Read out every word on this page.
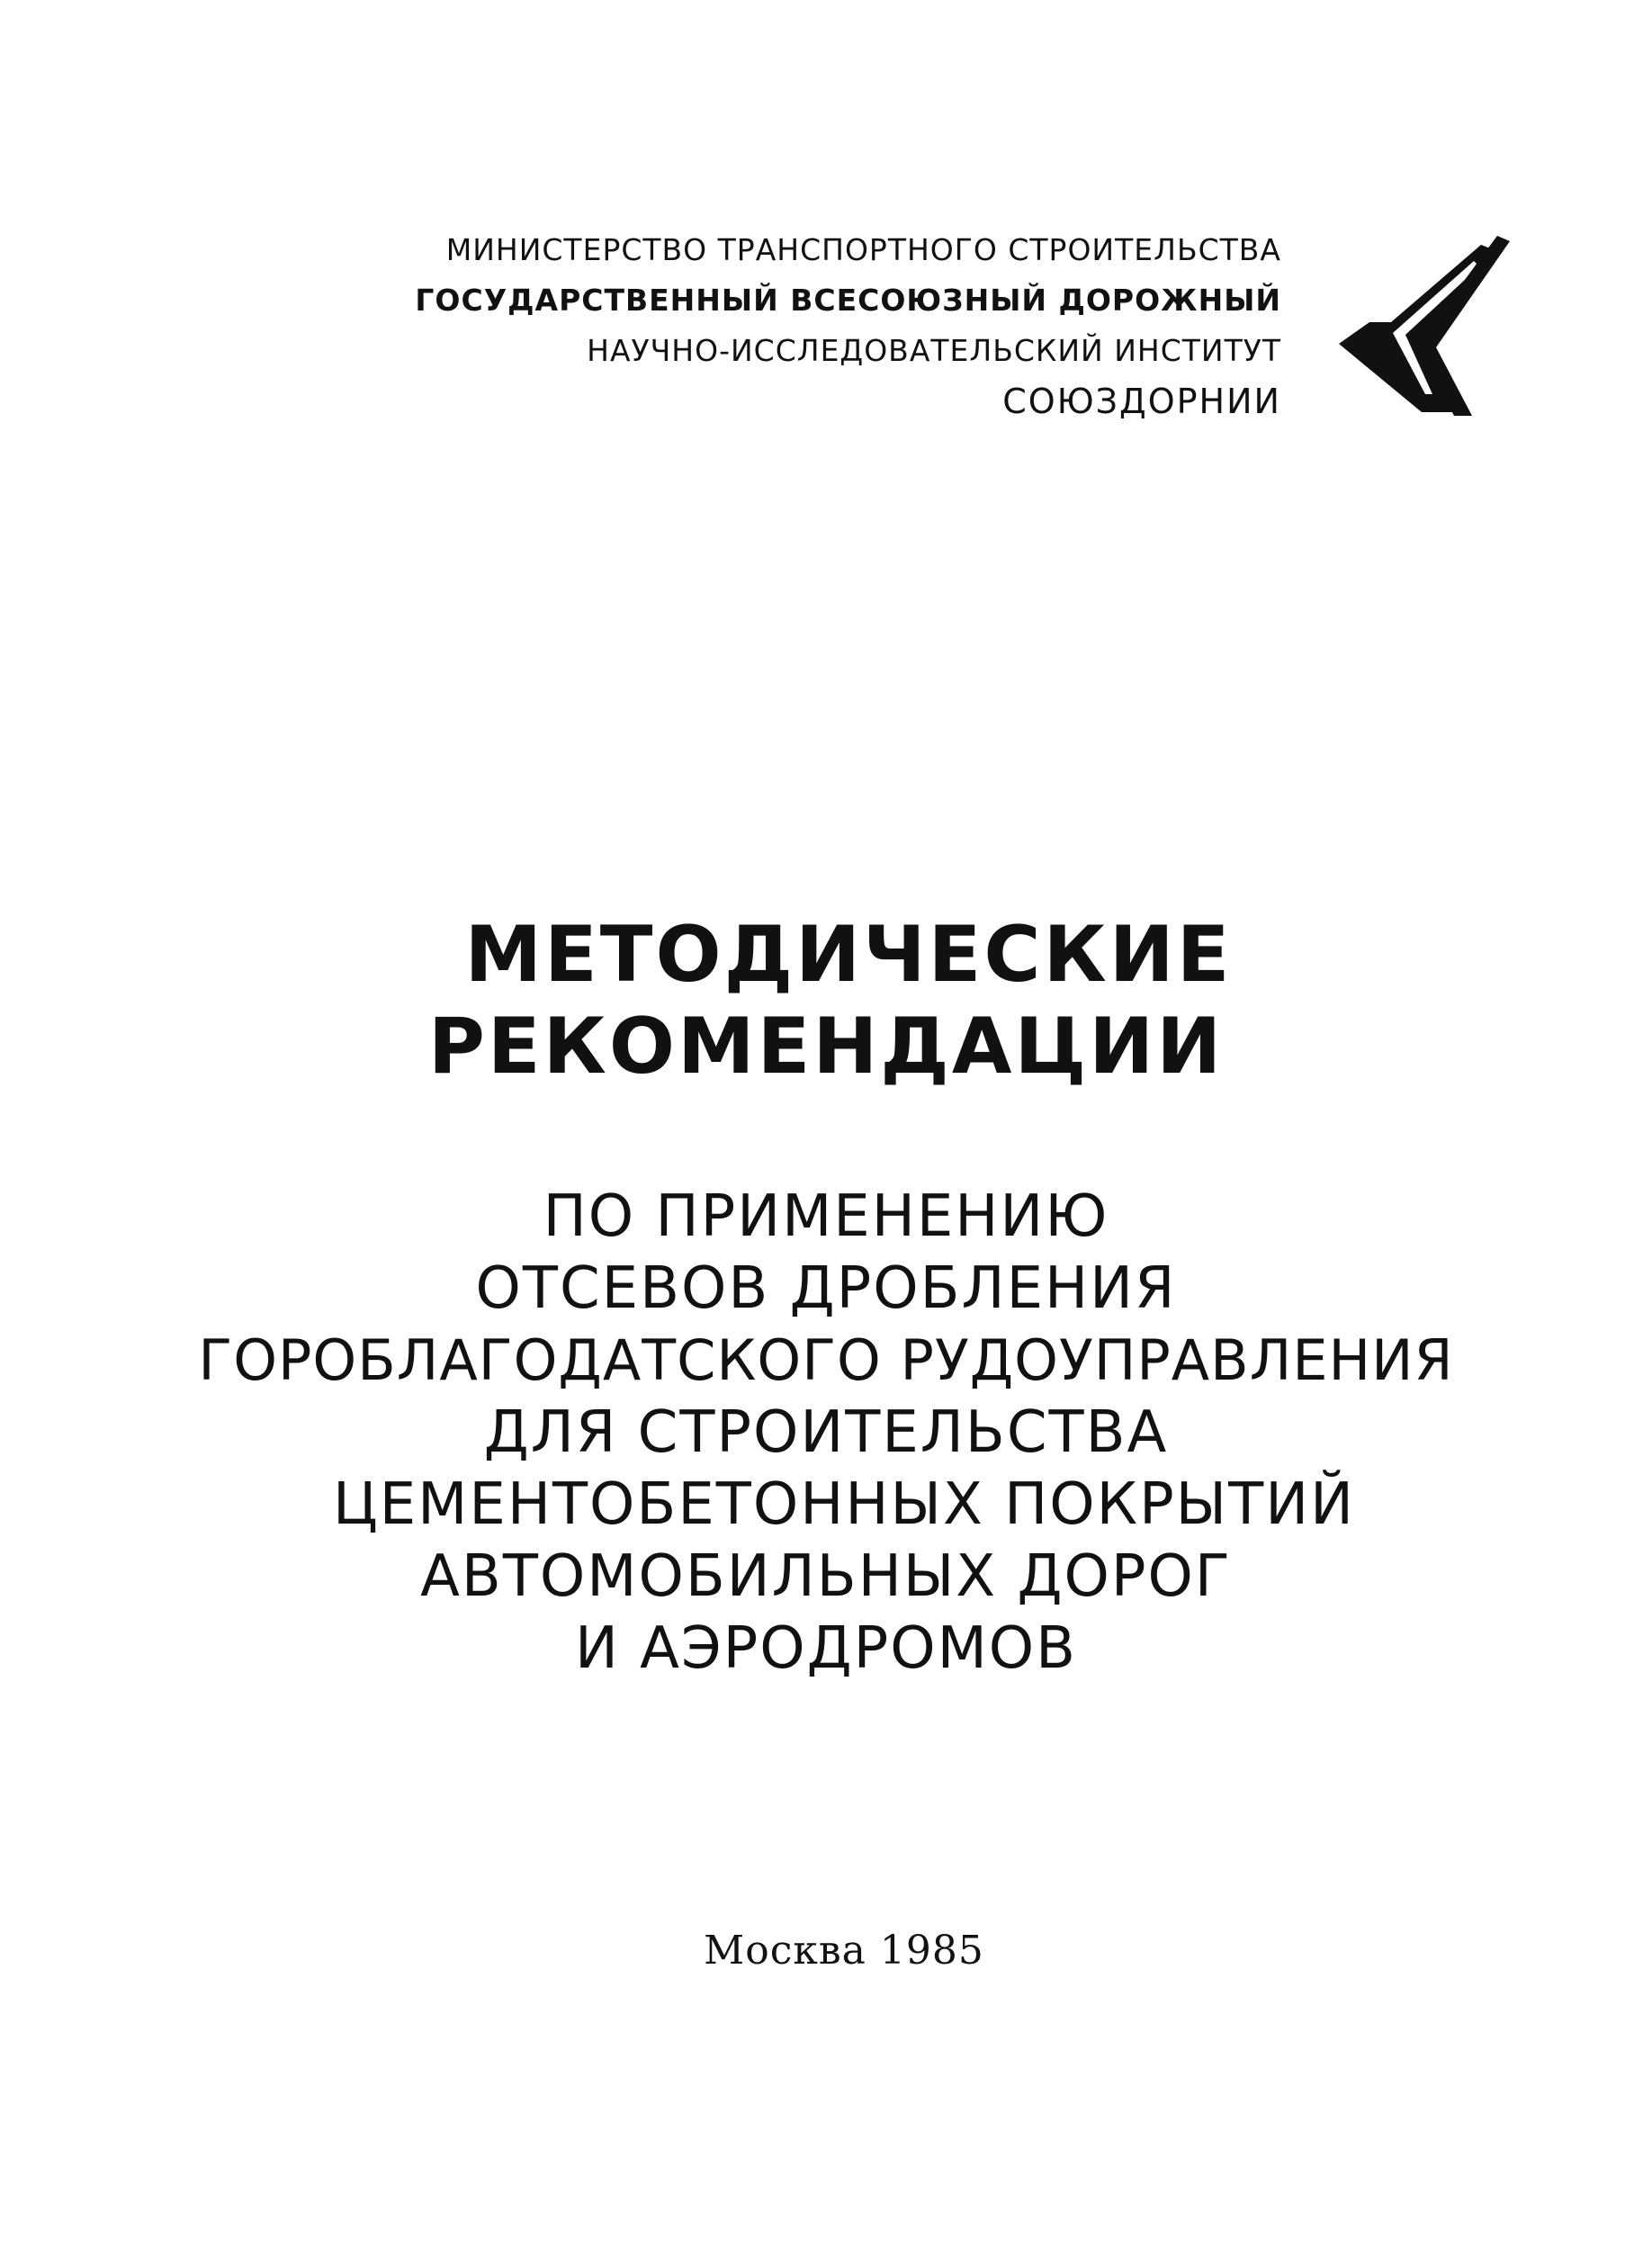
МИНИСТЕРСТВО ТРАНСПОРТНОГО СТРОИТЕЛЬСТВА
ГОСУДАРСТВЕННЫЙ ВСЕСОЮЗНЫЙ ДОРОЖНЫЙ
НАУЧНО-ИССЛЕДОВАТЕЛЬСКИЙ ИНСТИТУТ
СОЮЗДОРНИИ
МЕТОДИЧЕСКИЕ
РЕКОМЕНДАЦИИ
ПО ПРИМЕНЕНИЮ
ОТСЕВОВ ДРОБЛЕНИЯ
ГОРОБЛАГОДАТСКОГО РУДОУПРАВЛЕНИЯ
ДЛЯ СТРОИТЕЛЬСТВА
ЦЕМЕНТОБЕТОННЫХ ПОКРЫТИЙ
АВТОМОБИЛЬНЫХ ДОРОГ
И АЭРОДРОМОВ
Москва 1985
